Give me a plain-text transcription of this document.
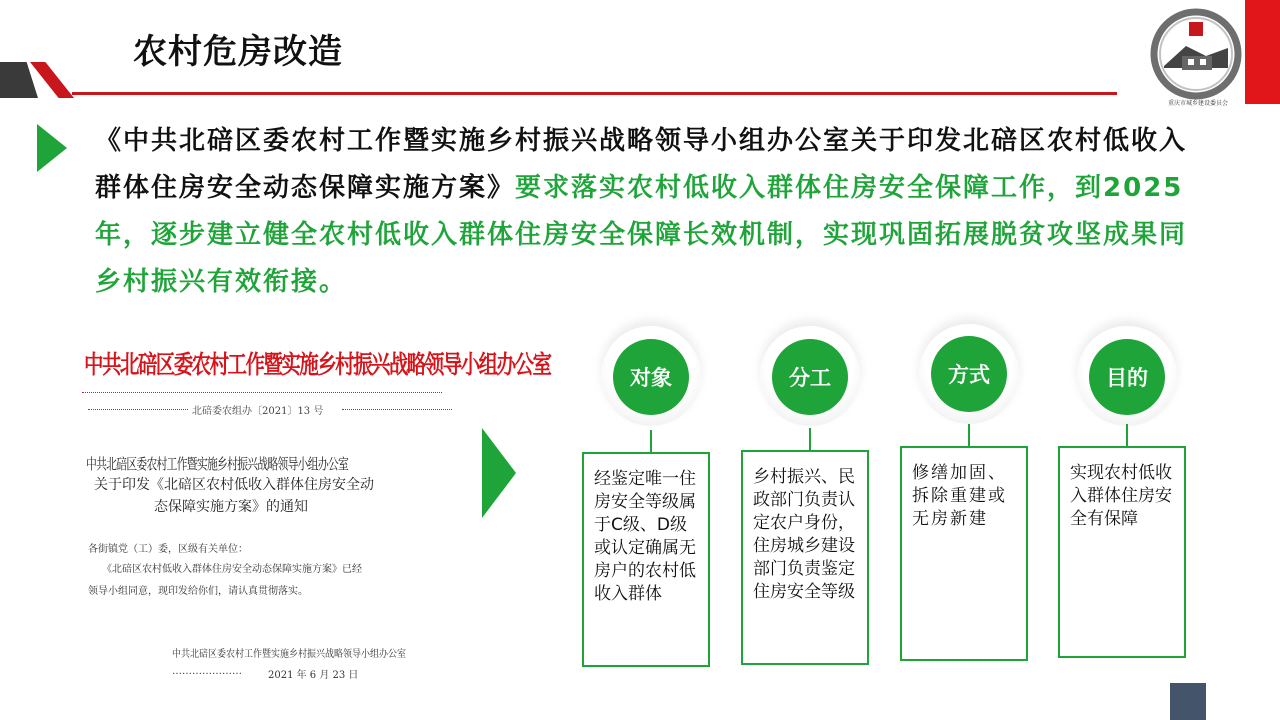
农村危房改造
重庆市城乡建设委员会
《中共北碚区委农村工作暨实施乡村振兴战略领导小组办公室关于印发北碚区农村低收入群体住房安全动态保障实施方案》要求落实农村低收入群体住房安全保障工作，到2025年，逐步建立健全农村低收入群体住房安全保障长效机制，实现巩固拓展脱贫攻坚成果同乡村振兴有效衔接。
中共北碚区委农村工作暨实施乡村振兴战略领导小组办公室
北碚委农组办〔2021〕13 号
中共北碚区委农村工作暨实施乡村振兴战略领导小组办公室
关于印发《北碚区农村低收入群体住房安全动
态保障实施方案》的通知
各街镇党（工）委，区级有关单位：
《北碚区农村低收入群体住房安全动态保障实施方案》已经
领导小组同意，现印发给你们，请认真贯彻落实。
中共北碚区委农村工作暨实施乡村振兴战略领导小组办公室
…………………	2021 年 6 月 23 日
对象
经鉴定唯一住房安全等级属于C级、D级或认定确属无房户的农村低收入群体
分工
乡村振兴、民政部门负责认定农户身份，住房城乡建设部门负责鉴定住房安全等级
方式
修缮加固、拆除重建或无房新建
目的
实现农村低收入群体住房安全有保障
